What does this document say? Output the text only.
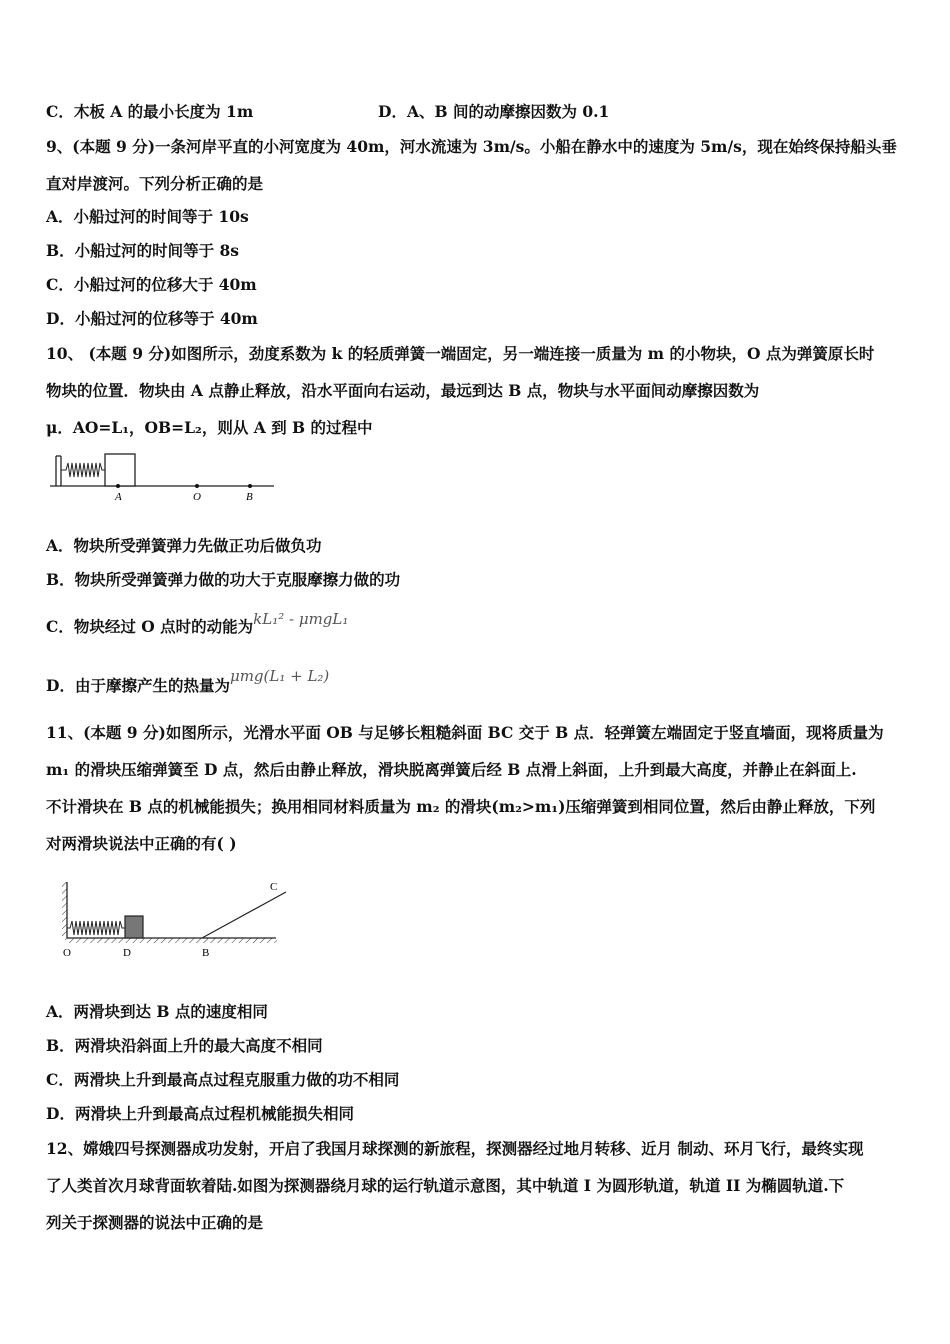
C．木板 A 的最小长度为 1m	D．A、B 间的动摩擦因数为 0.1
9、(本题 9 分)一条河岸平直的小河宽度为 40m，河水流速为 3m/s。小船在静水中的速度为 5m/s，现在始终保持船头垂
直对岸渡河。下列分析正确的是
A．小船过河的时间等于 10s
B．小船过河的时间等于 8s
C．小船过河的位移大于 40m
D．小船过河的位移等于 40m
10、 (本题 9 分)如图所示，劲度系数为 k 的轻质弹簧一端固定，另一端连接一质量为 m 的小物块，O 点为弹簧原长时
物块的位置．物块由 A 点静止释放，沿水平面向右运动，最远到达 B 点，物块与水平面间动摩擦因数为
μ．AO=L₁，OB=L₂，则从 A 到 B 的过程中
A	O	B
A．物块所受弹簧弹力先做正功后做负功
B．物块所受弹簧弹力做的功大于克服摩擦力做的功
C．物块经过 O 点时的动能为kL₁² - μmgL₁
D．由于摩擦产生的热量为μmg(L₁ + L₂)
11、(本题 9 分)如图所示，光滑水平面 OB 与足够长粗糙斜面 BC 交于 B 点．轻弹簧左端固定于竖直墙面，现将质量为
m₁ 的滑块压缩弹簧至 D 点，然后由静止释放，滑块脱离弹簧后经 B 点滑上斜面，上升到最大高度，并静止在斜面上.
不计滑块在 B 点的机械能损失；换用相同材料质量为 m₂ 的滑块(m₂>m₁)压缩弹簧到相同位置，然后由静止释放，下列
对两滑块说法中正确的有( )
O	D	B
C
A．两滑块到达 B 点的速度相同
B．两滑块沿斜面上升的最大高度不相同
C．两滑块上升到最高点过程克服重力做的功不相同
D．两滑块上升到最高点过程机械能损失相同
12、嫦娥四号探测器成功发射，开启了我国月球探测的新旅程，探测器经过地月转移、近月 制动、环月飞行，最终实现
了人类首次月球背面软着陆.如图为探测器绕月球的运行轨道示意图，其中轨道 I 为圆形轨道，轨道 II 为椭圆轨道.下
列关于探测器的说法中正确的是
